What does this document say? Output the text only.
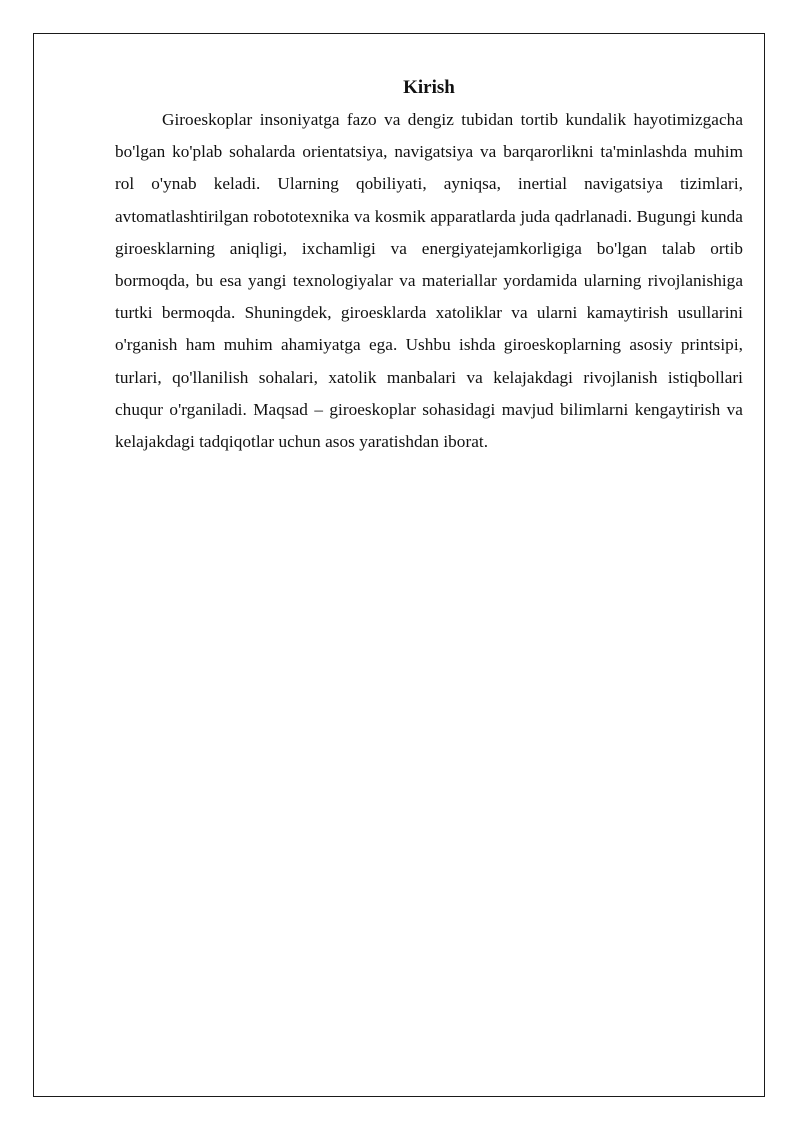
Kirish

Giroeskoplar insoniyatga fazo va dengiz tubidan tortib kundalik hayotimizgacha bo'lgan ko'plab sohalarda orientatsiya, navigatsiya va barqarorlikni ta'minlashda muhim rol o'ynab keladi. Ularning qobiliyati, ayniqsa, inertial navigatsiya tizimlari, avtomatlashtirilgan robototexnika va kosmik apparatlarda juda qadrlanadi. Bugungi kunda giroesklarning aniqligi, ixchamligi va energiyatejamkorligiga bo'lgan talab ortib bormoqda, bu esa yangi texnologiyalar va materiallar yordamida ularning rivojlanishiga turtki bermoqda. Shuningdek, giroesklarda xatoliklar va ularni kamaytirish usullarini o'rganish ham muhim ahamiyatga ega. Ushbu ishda giroeskoplarning asosiy printsipi, turlari, qo'llanilish sohalari, xatolik manbalari va kelajakdagi rivojlanish istiqbollari chuqur o'rganiladi. Maqsad – giroeskoplar sohasidagi mavjud bilimlarni kengaytirish va kelajakdagi tadqiqotlar uchun asos yaratishdan iborat.
